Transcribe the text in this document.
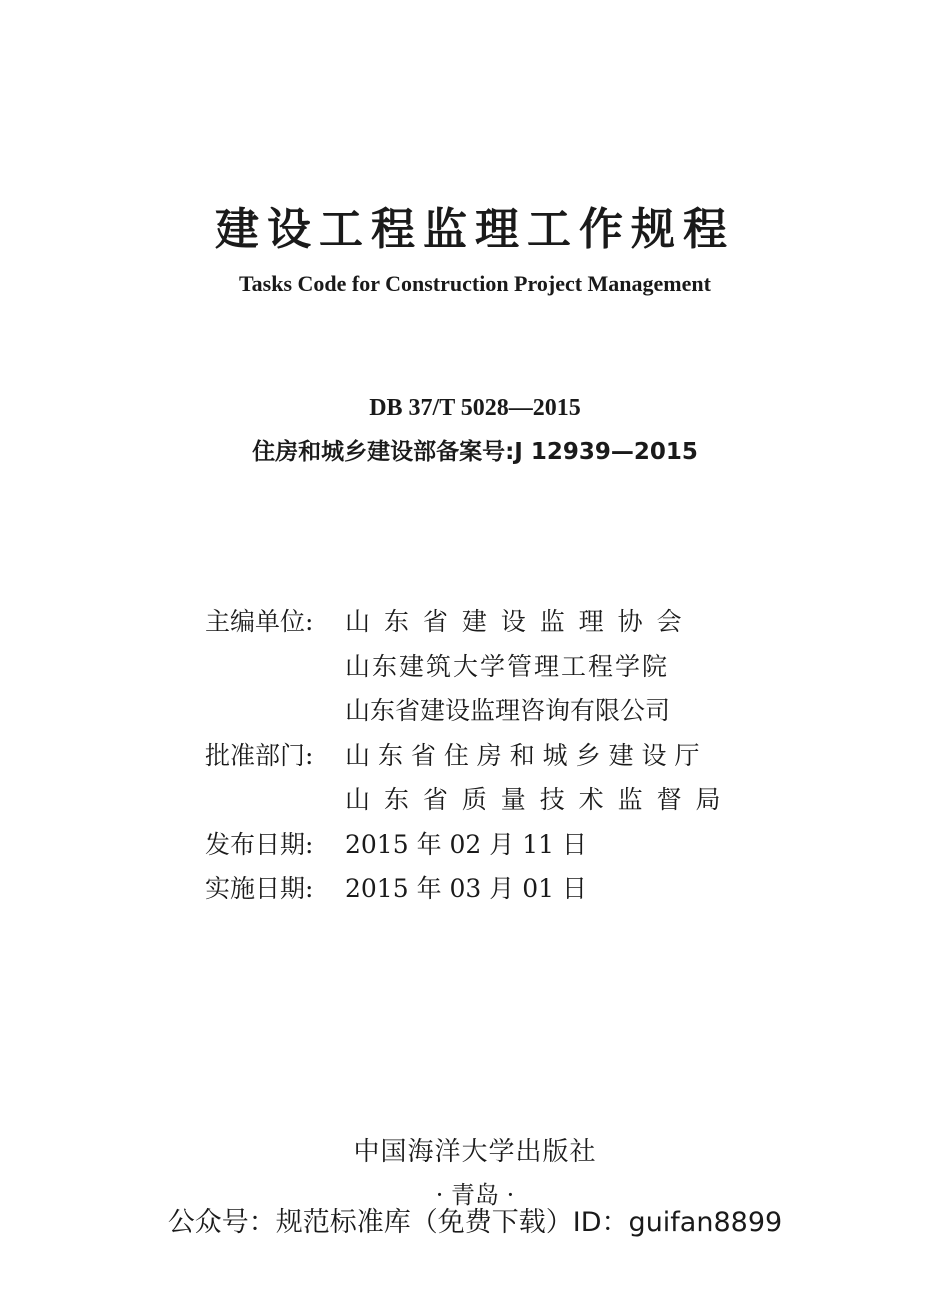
建设工程监理工作规程
Tasks Code for Construction Project Management
DB 37/T 5028—2015
住房和城乡建设部备案号:J 12939—2015
主编单位:	山 东 省 建 设 监 理 协 会
山东建筑大学管理工程学院
山东省建设监理咨询有限公司
批准部门:	山 东 省 住 房 和 城 乡 建 设 厅
山 东 省 质 量 技 术 监 督 局
发布日期:	2015 年 02 月 11 日
实施日期:	2015 年 03 月 01 日
中国海洋大学出版社
· 青岛 ·
公众号：规范标准库（免费下载）ID：guifan8899
